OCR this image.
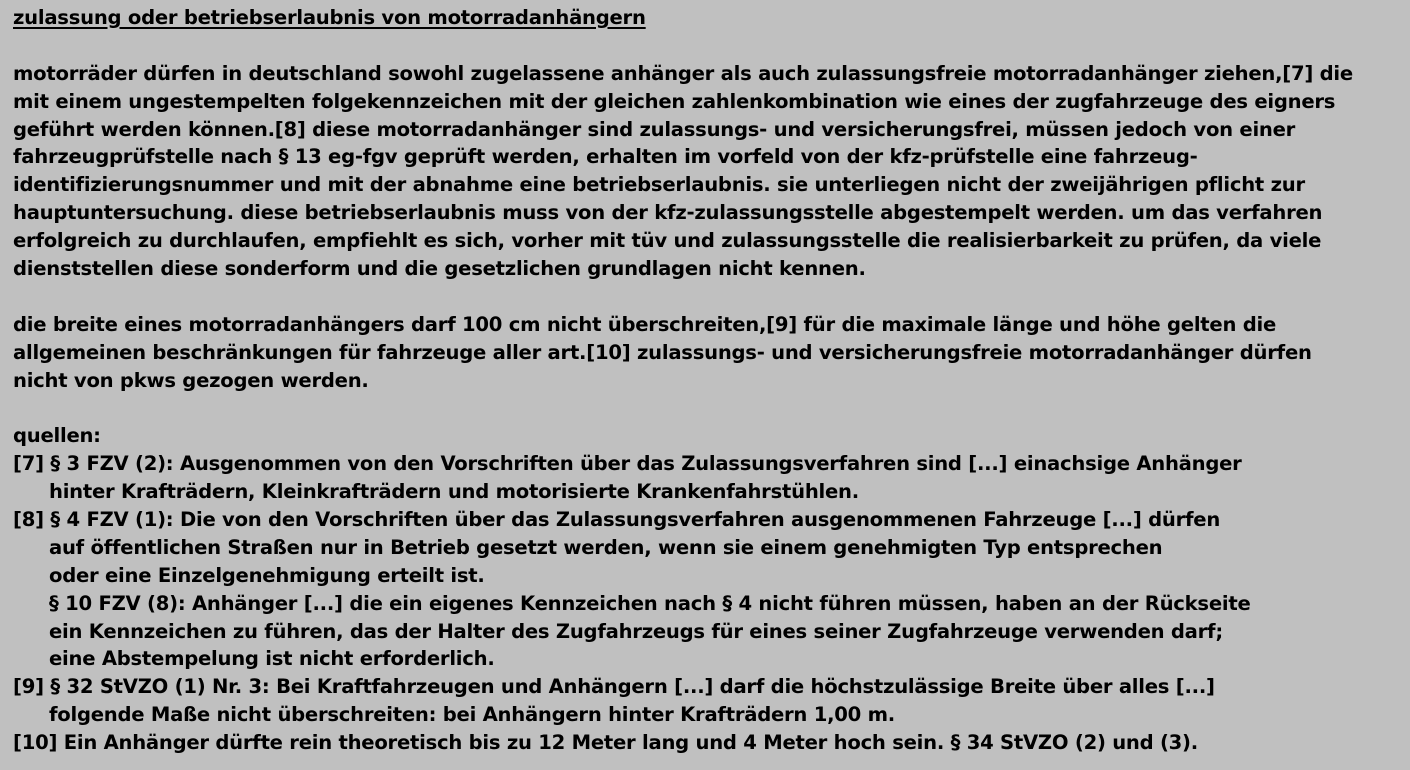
zulassung oder betriebserlaubnis von motorradanhängern
motorräder dürfen in deutschland sowohl zugelassene anhänger als auch zulassungsfreie motorradanhänger ziehen,[7] die
mit einem ungestempelten folgekennzeichen mit der gleichen zahlenkombination wie eines der zugfahrzeuge des eigners
geführt werden können.[8] diese motorradanhänger sind zulassungs- und versicherungsfrei, müssen jedoch von einer
fahrzeugprüfstelle nach § 13 eg-fgv geprüft werden, erhalten im vorfeld von der kfz-prüfstelle eine fahrzeug-
identifizierungsnummer und mit der abnahme eine betriebserlaubnis. sie unterliegen nicht der zweijährigen pflicht zur
hauptuntersuchung. diese betriebserlaubnis muss von der kfz-zulassungsstelle abgestempelt werden. um das verfahren
erfolgreich zu durchlaufen, empfiehlt es sich, vorher mit tüv und zulassungsstelle die realisierbarkeit zu prüfen, da viele
dienststellen diese sonderform und die gesetzlichen grundlagen nicht kennen.
die breite eines motorradanhängers darf 100 cm nicht überschreiten,[9] für die maximale länge und höhe gelten die
allgemeinen beschränkungen für fahrzeuge aller art.[10] zulassungs- und versicherungsfreie motorradanhänger dürfen
nicht von pkws gezogen werden.
quellen:
[7] § 3 FZV (2): Ausgenommen von den Vorschriften über das Zulassungsverfahren sind [...] einachsige Anhänger
hinter Krafträdern, Kleinkrafträdern und motorisierte Krankenfahrstühlen.
[8] § 4 FZV (1): Die von den Vorschriften über das Zulassungsverfahren ausgenommenen Fahrzeuge [...] dürfen
auf öffentlichen Straßen nur in Betrieb gesetzt werden, wenn sie einem genehmigten Typ entsprechen
oder eine Einzelgenehmigung erteilt ist.
§ 10 FZV (8): Anhänger [...] die ein eigenes Kennzeichen nach § 4 nicht führen müssen, haben an der Rückseite
ein Kennzeichen zu führen, das der Halter des Zugfahrzeugs für eines seiner Zugfahrzeuge verwenden darf;
eine Abstempelung ist nicht erforderlich.
[9] § 32 StVZO (1) Nr. 3: Bei Kraftfahrzeugen und Anhängern [...] darf die höchstzulässige Breite über alles [...]
folgende Maße nicht überschreiten: bei Anhängern hinter Krafträdern 1,00 m.
[10] Ein Anhänger dürfte rein theoretisch bis zu 12 Meter lang und 4 Meter hoch sein. § 34 StVZO (2) und (3).
